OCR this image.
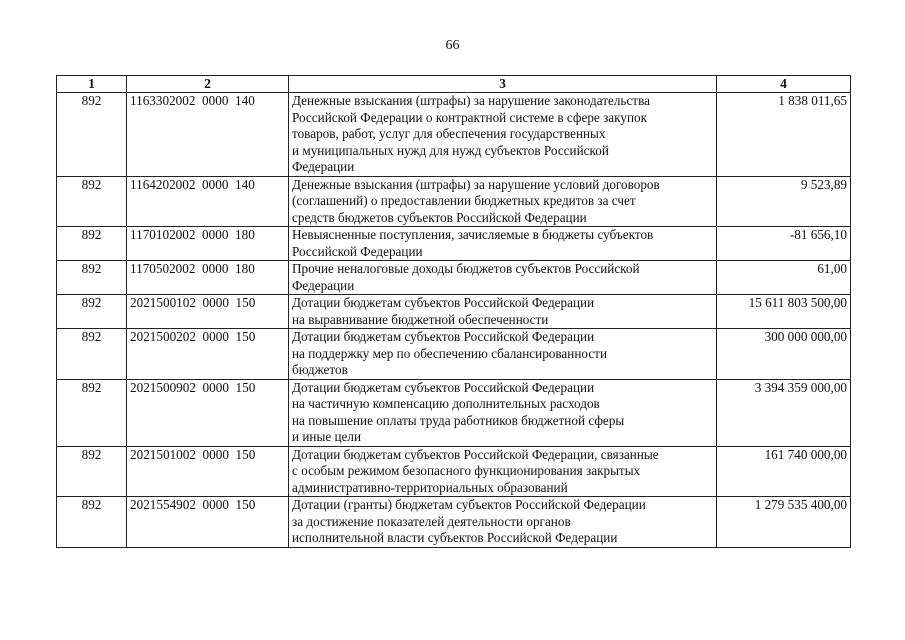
66
1	2	3	4
892	1163302002  0000  140	Денежные взыскания (штрафы) за нарушение законодательства
Российской Федерации о контрактной системе в сфере закупок
товаров, работ, услуг для обеспечения государственных
и муниципальных нужд для нужд субъектов Российской
Федерации	1 838 011,65
892	1164202002  0000  140	Денежные взыскания (штрафы) за нарушение условий договоров
(соглашений) о предоставлении бюджетных кредитов за счет
средств бюджетов субъектов Российской Федерации	9 523,89
892	1170102002  0000  180	Невыясненные поступления, зачисляемые в бюджеты субъектов
Российской Федерации	-81 656,10
892	1170502002  0000  180	Прочие неналоговые доходы бюджетов субъектов Российской
Федерации	61,00
892	2021500102  0000  150	Дотации бюджетам субъектов Российской Федерации
на выравнивание бюджетной обеспеченности	15 611 803 500,00
892	2021500202  0000  150	Дотации бюджетам субъектов Российской Федерации
на поддержку мер по обеспечению сбалансированности
бюджетов	300 000 000,00
892	2021500902  0000  150	Дотации бюджетам субъектов Российской Федерации
на частичную компенсацию дополнительных расходов
на повышение оплаты труда работников бюджетной сферы
и иные цели	3 394 359 000,00
892	2021501002  0000  150	Дотации бюджетам субъектов Российской Федерации, связанные
с особым режимом безопасного функционирования закрытых
административно-территориальных образований	161 740 000,00
892	2021554902  0000  150	Дотации (гранты) бюджетам субъектов Российской Федерации
за достижение показателей деятельности органов
исполнительной власти субъектов Российской Федерации	1 279 535 400,00
